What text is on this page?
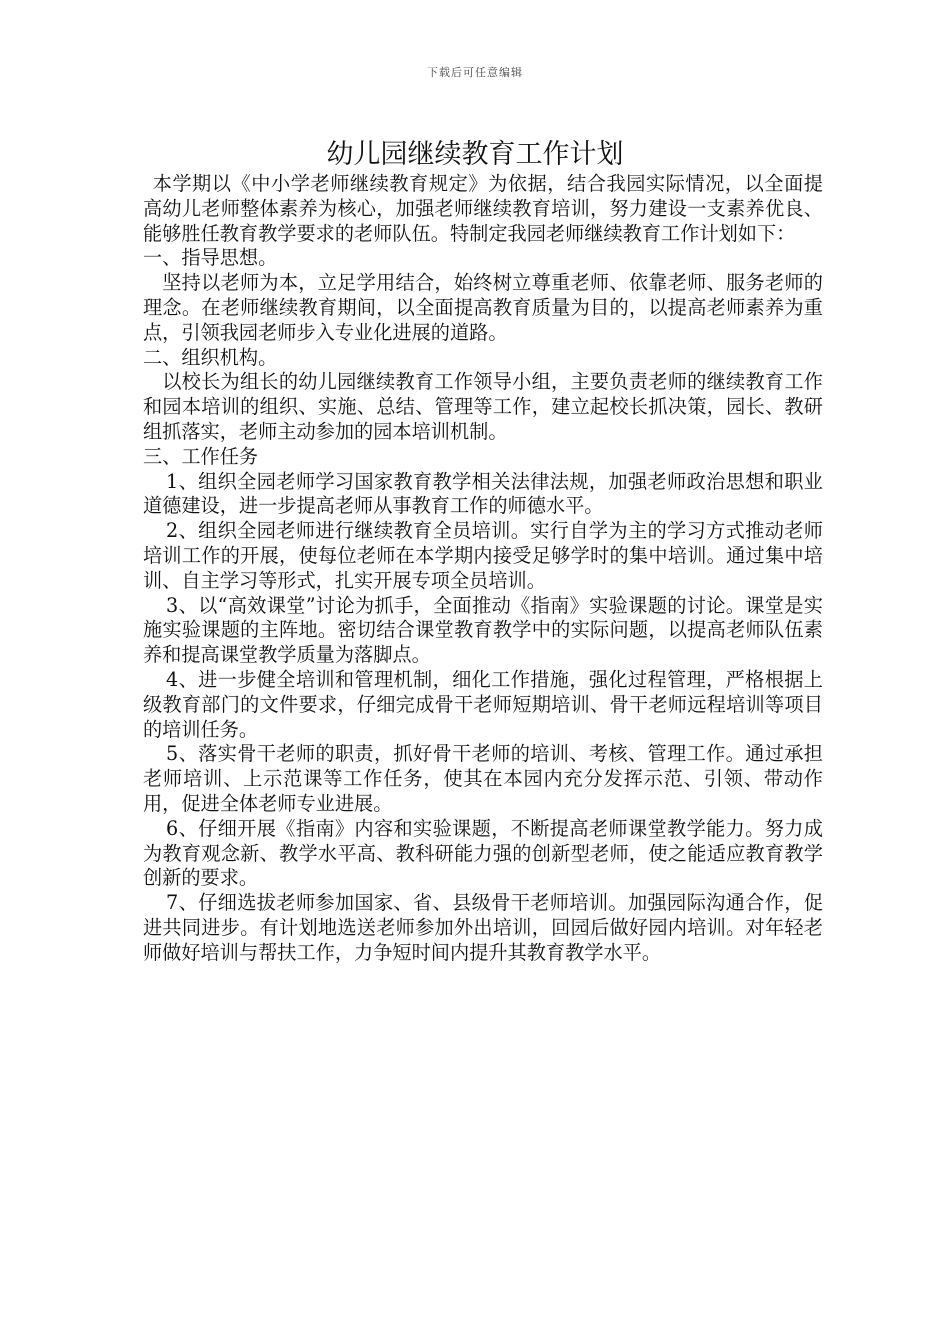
下载后可任意编辑
幼儿园继续教育工作计划

本学期以《中小学老师继续教育规定》为依据，结合我园实际情况，以全面提高幼儿老师整体素养为核心，加强老师继续教育培训，努力建设一支素养优良、能够胜任教育教学要求的老师队伍。特制定我园老师继续教育工作计划如下：

一、指导思想。

坚持以老师为本，立足学用结合，始终树立尊重老师、依靠老师、服务老师的理念。在老师继续教育期间，以全面提高教育质量为目的，以提高老师素养为重点，引领我园老师步入专业化进展的道路。

二、组织机构。

以校长为组长的幼儿园继续教育工作领导小组，主要负责老师的继续教育工作和园本培训的组织、实施、总结、管理等工作，建立起校长抓决策，园长、教研组抓落实，老师主动参加的园本培训机制。

三、工作任务

1、组织全园老师学习国家教育教学相关法律法规，加强老师政治思想和职业道德建设，进一步提高老师从事教育工作的师德水平。

2、组织全园老师进行继续教育全员培训。实行自学为主的学习方式推动老师培训工作的开展，使每位老师在本学期内接受足够学时的集中培训。通过集中培训、自主学习等形式，扎实开展专项全员培训。

3、以“高效课堂”讨论为抓手，全面推动《指南》实验课题的讨论。课堂是实施实验课题的主阵地。密切结合课堂教育教学中的实际问题，以提高老师队伍素养和提高课堂教学质量为落脚点。

4、进一步健全培训和管理机制，细化工作措施，强化过程管理，严格根据上级教育部门的文件要求，仔细完成骨干老师短期培训、骨干老师远程培训等项目的培训任务。

5、落实骨干老师的职责，抓好骨干老师的培训、考核、管理工作。通过承担老师培训、上示范课等工作任务，使其在本园内充分发挥示范、引领、带动作用，促进全体老师专业进展。

6、仔细开展《指南》内容和实验课题，不断提高老师课堂教学能力。努力成为教育观念新、教学水平高、教科研能力强的创新型老师，使之能适应教育教学创新的要求。

7、仔细选拔老师参加国家、省、县级骨干老师培训。加强园际沟通合作，促进共同进步。有计划地选送老师参加外出培训，回园后做好园内培训。对年轻老师做好培训与帮扶工作，力争短时间内提升其教育教学水平。
